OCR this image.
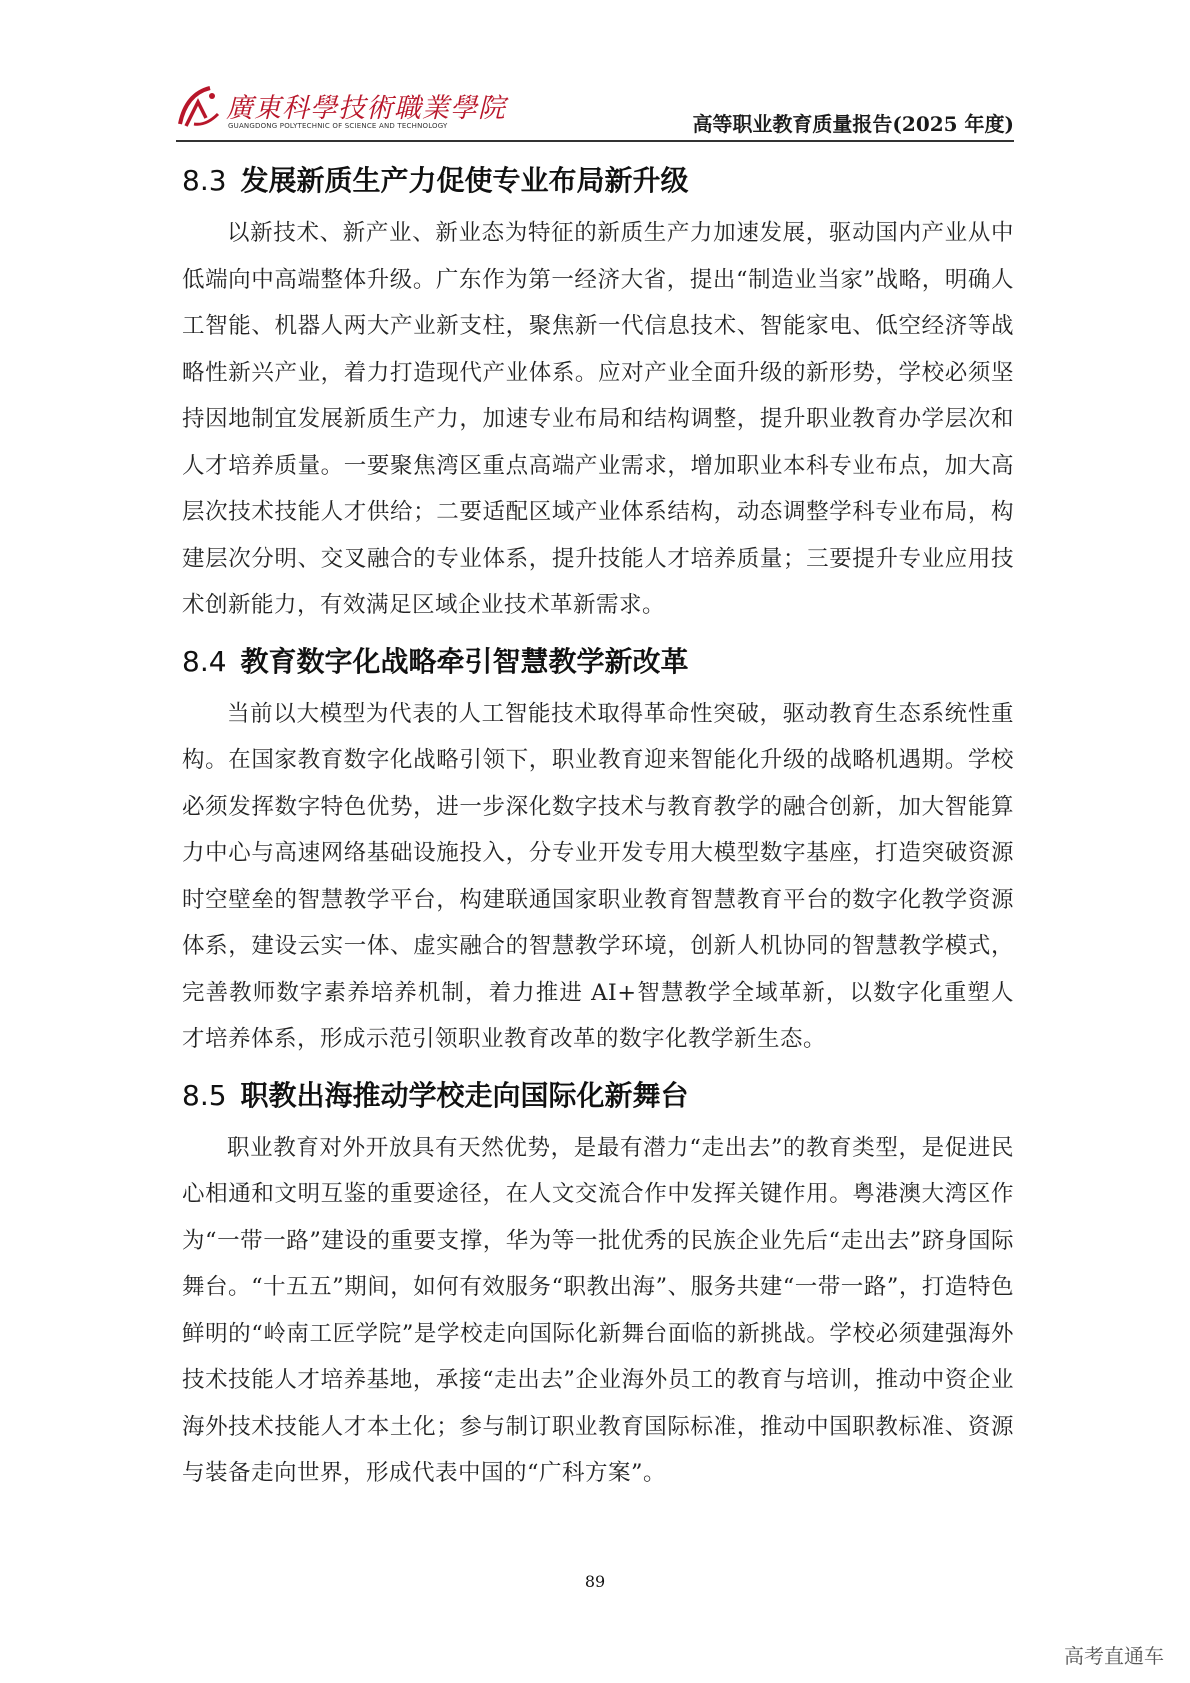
廣東科學技術職業學院
GUANGDONG POLYTECHNIC OF SCIENCE AND TECHNOLOGY	高等职业教育质量报告(2025 年度)
8.3 发展新质生产力促使专业布局新升级

以新技术、新产业、新业态为特征的新质生产力加速发展，驱动国内产业从中低端向中高端整体升级。广东作为第一经济大省，提出“制造业当家”战略，明确人工智能、机器人两大产业新支柱，聚焦新一代信息技术、智能家电、低空经济等战略性新兴产业，着力打造现代产业体系。应对产业全面升级的新形势，学校必须坚持因地制宜发展新质生产力，加速专业布局和结构调整，提升职业教育办学层次和人才培养质量。一要聚焦湾区重点高端产业需求，增加职业本科专业布点，加大高层次技术技能人才供给；二要适配区域产业体系结构，动态调整学科专业布局，构建层次分明、交叉融合的专业体系，提升技能人才培养质量；三要提升专业应用技术创新能力，有效满足区域企业技术革新需求。

8.4 教育数字化战略牵引智慧教学新改革

当前以大模型为代表的人工智能技术取得革命性突破，驱动教育生态系统性重构。在国家教育数字化战略引领下，职业教育迎来智能化升级的战略机遇期。学校必须发挥数字特色优势，进一步深化数字技术与教育教学的融合创新，加大智能算力中心与高速网络基础设施投入，分专业开发专用大模型数字基座，打造突破资源时空壁垒的智慧教学平台，构建联通国家职业教育智慧教育平台的数字化教学资源体系，建设云实一体、虚实融合的智慧教学环境，创新人机协同的智慧教学模式，完善教师数字素养培养机制，着力推进 AI+智慧教学全域革新，以数字化重塑人才培养体系，形成示范引领职业教育改革的数字化教学新生态。

8.5 职教出海推动学校走向国际化新舞台

职业教育对外开放具有天然优势，是最有潜力“走出去”的教育类型，是促进民心相通和文明互鉴的重要途径，在人文交流合作中发挥关键作用。粤港澳大湾区作为“一带一路”建设的重要支撑，华为等一批优秀的民族企业先后“走出去”跻身国际舞台。“十五五”期间，如何有效服务“职教出海”、服务共建“一带一路”，打造特色鲜明的“岭南工匠学院”是学校走向国际化新舞台面临的新挑战。学校必须建强海外技术技能人才培养基地，承接“走出去”企业海外员工的教育与培训，推动中资企业海外技术技能人才本土化；参与制订职业教育国际标准，推动中国职教标准、资源与装备走向世界，形成代表中国的“广科方案”。

89
高考直通车
